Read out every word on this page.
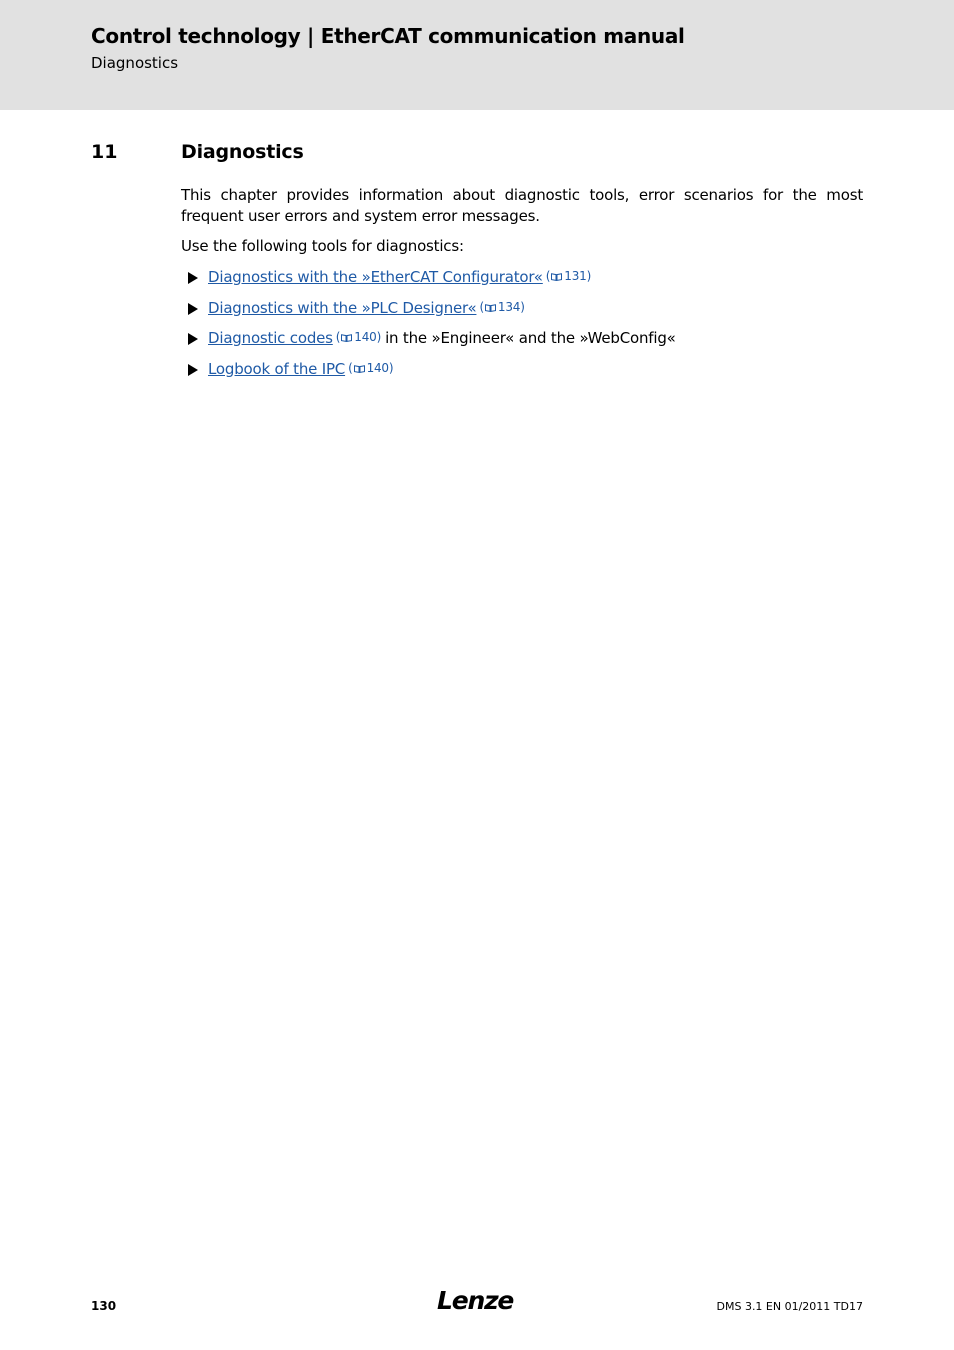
Control technology | EtherCAT communication manual
Diagnostics
11	Diagnostics
This chapter provides information about diagnostic tools, error scenarios for the most frequent user errors and system error messages.
Use the following tools for diagnostics:
Diagnostics with the »EtherCAT Configurator« ( 131)
Diagnostics with the »PLC Designer« ( 134)
Diagnostic codes ( 140) in the »Engineer« and the »WebConfig«
Logbook of the IPC ( 140)
130	Lenze	DMS 3.1 EN 01/2011 TD17
